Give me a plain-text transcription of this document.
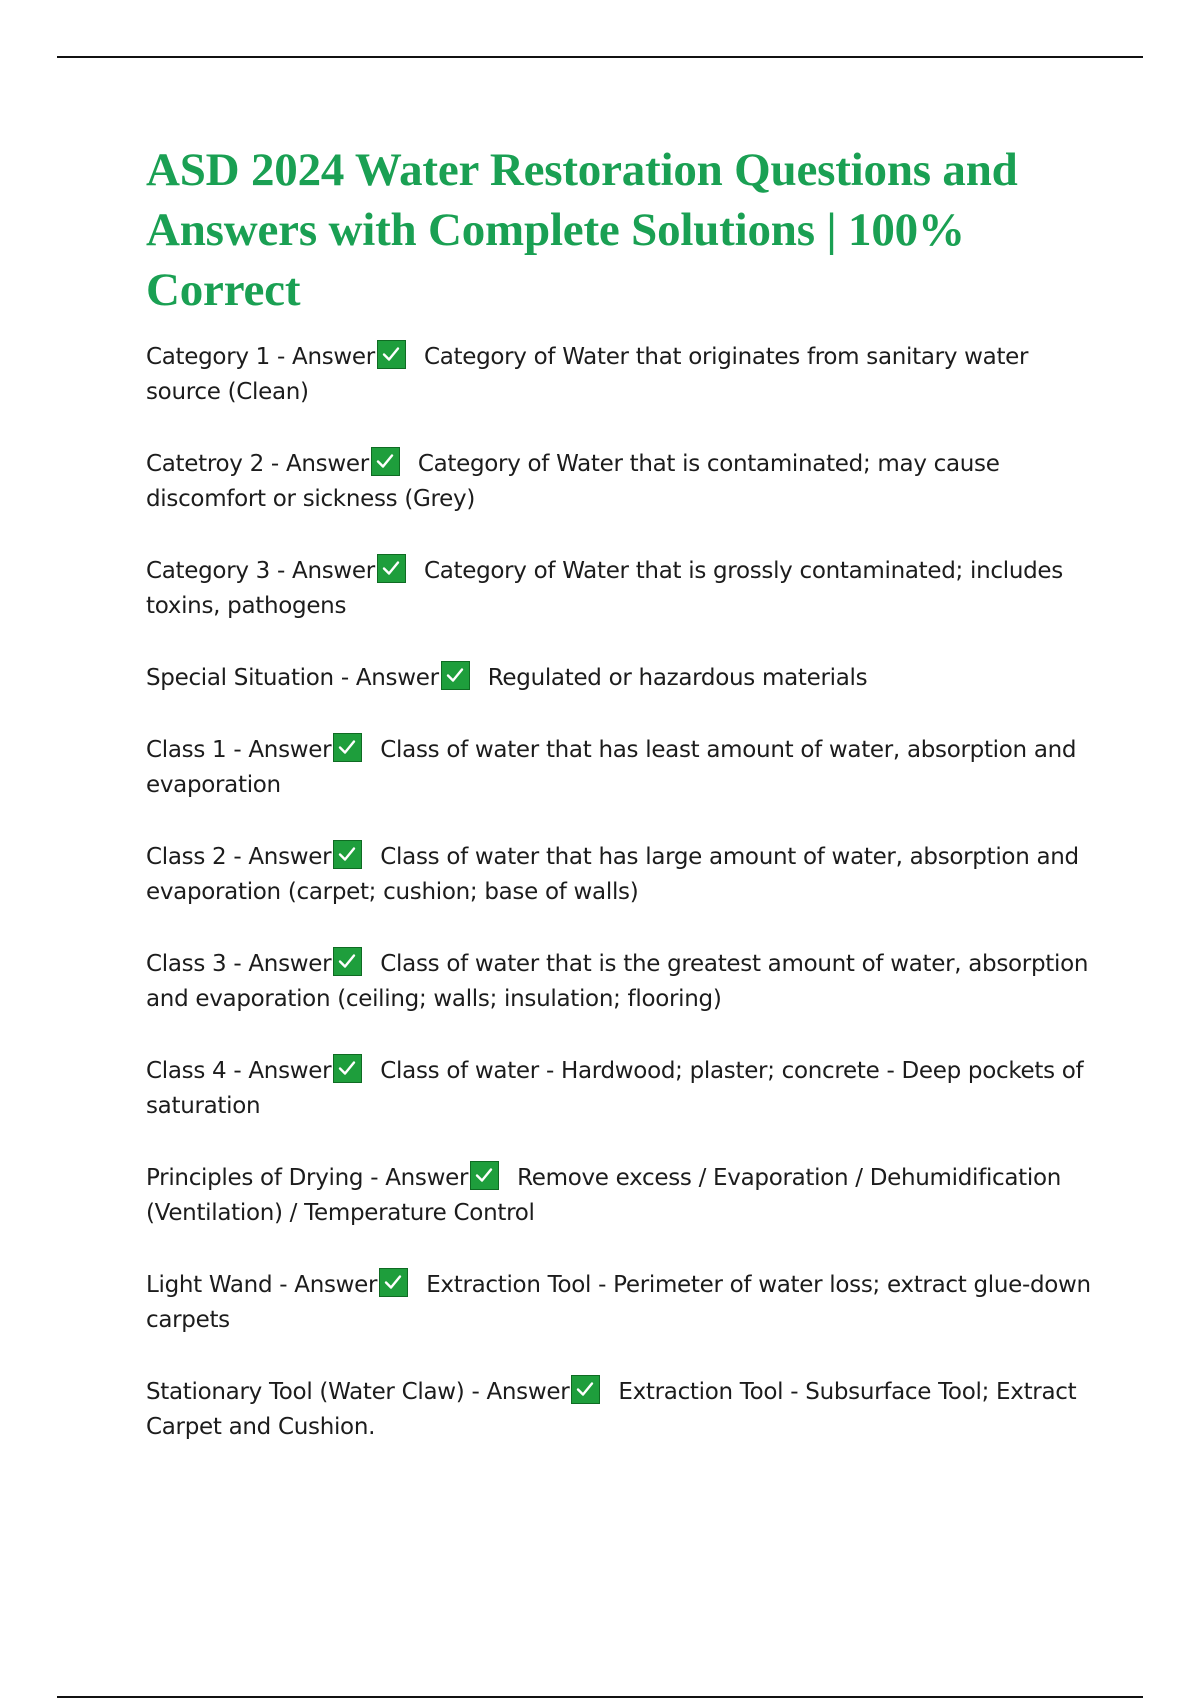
ASD 2024 Water Restoration Questions and Answers with Complete Solutions | 100% Correct

Category 1 - Answer Category of Water that originates from sanitary water source (Clean)

Catetroy 2 - Answer Category of Water that is contaminated; may cause discomfort or sickness (Grey)

Category 3 - Answer Category of Water that is grossly contaminated; includes toxins, pathogens

Special Situation - Answer Regulated or hazardous materials

Class 1 - Answer Class of water that has least amount of water, absorption and evaporation

Class 2 - Answer Class of water that has large amount of water, absorption and evaporation (carpet; cushion; base of walls)

Class 3 - Answer Class of water that is the greatest amount of water, absorption and evaporation (ceiling; walls; insulation; flooring)

Class 4 - Answer Class of water - Hardwood; plaster; concrete - Deep pockets of saturation

Principles of Drying - Answer Remove excess / Evaporation / Dehumidification (Ventilation) / Temperature Control

Light Wand - Answer Extraction Tool - Perimeter of water loss; extract glue-down carpets

Stationary Tool (Water Claw) - Answer Extraction Tool - Subsurface Tool; Extract Carpet and Cushion.
